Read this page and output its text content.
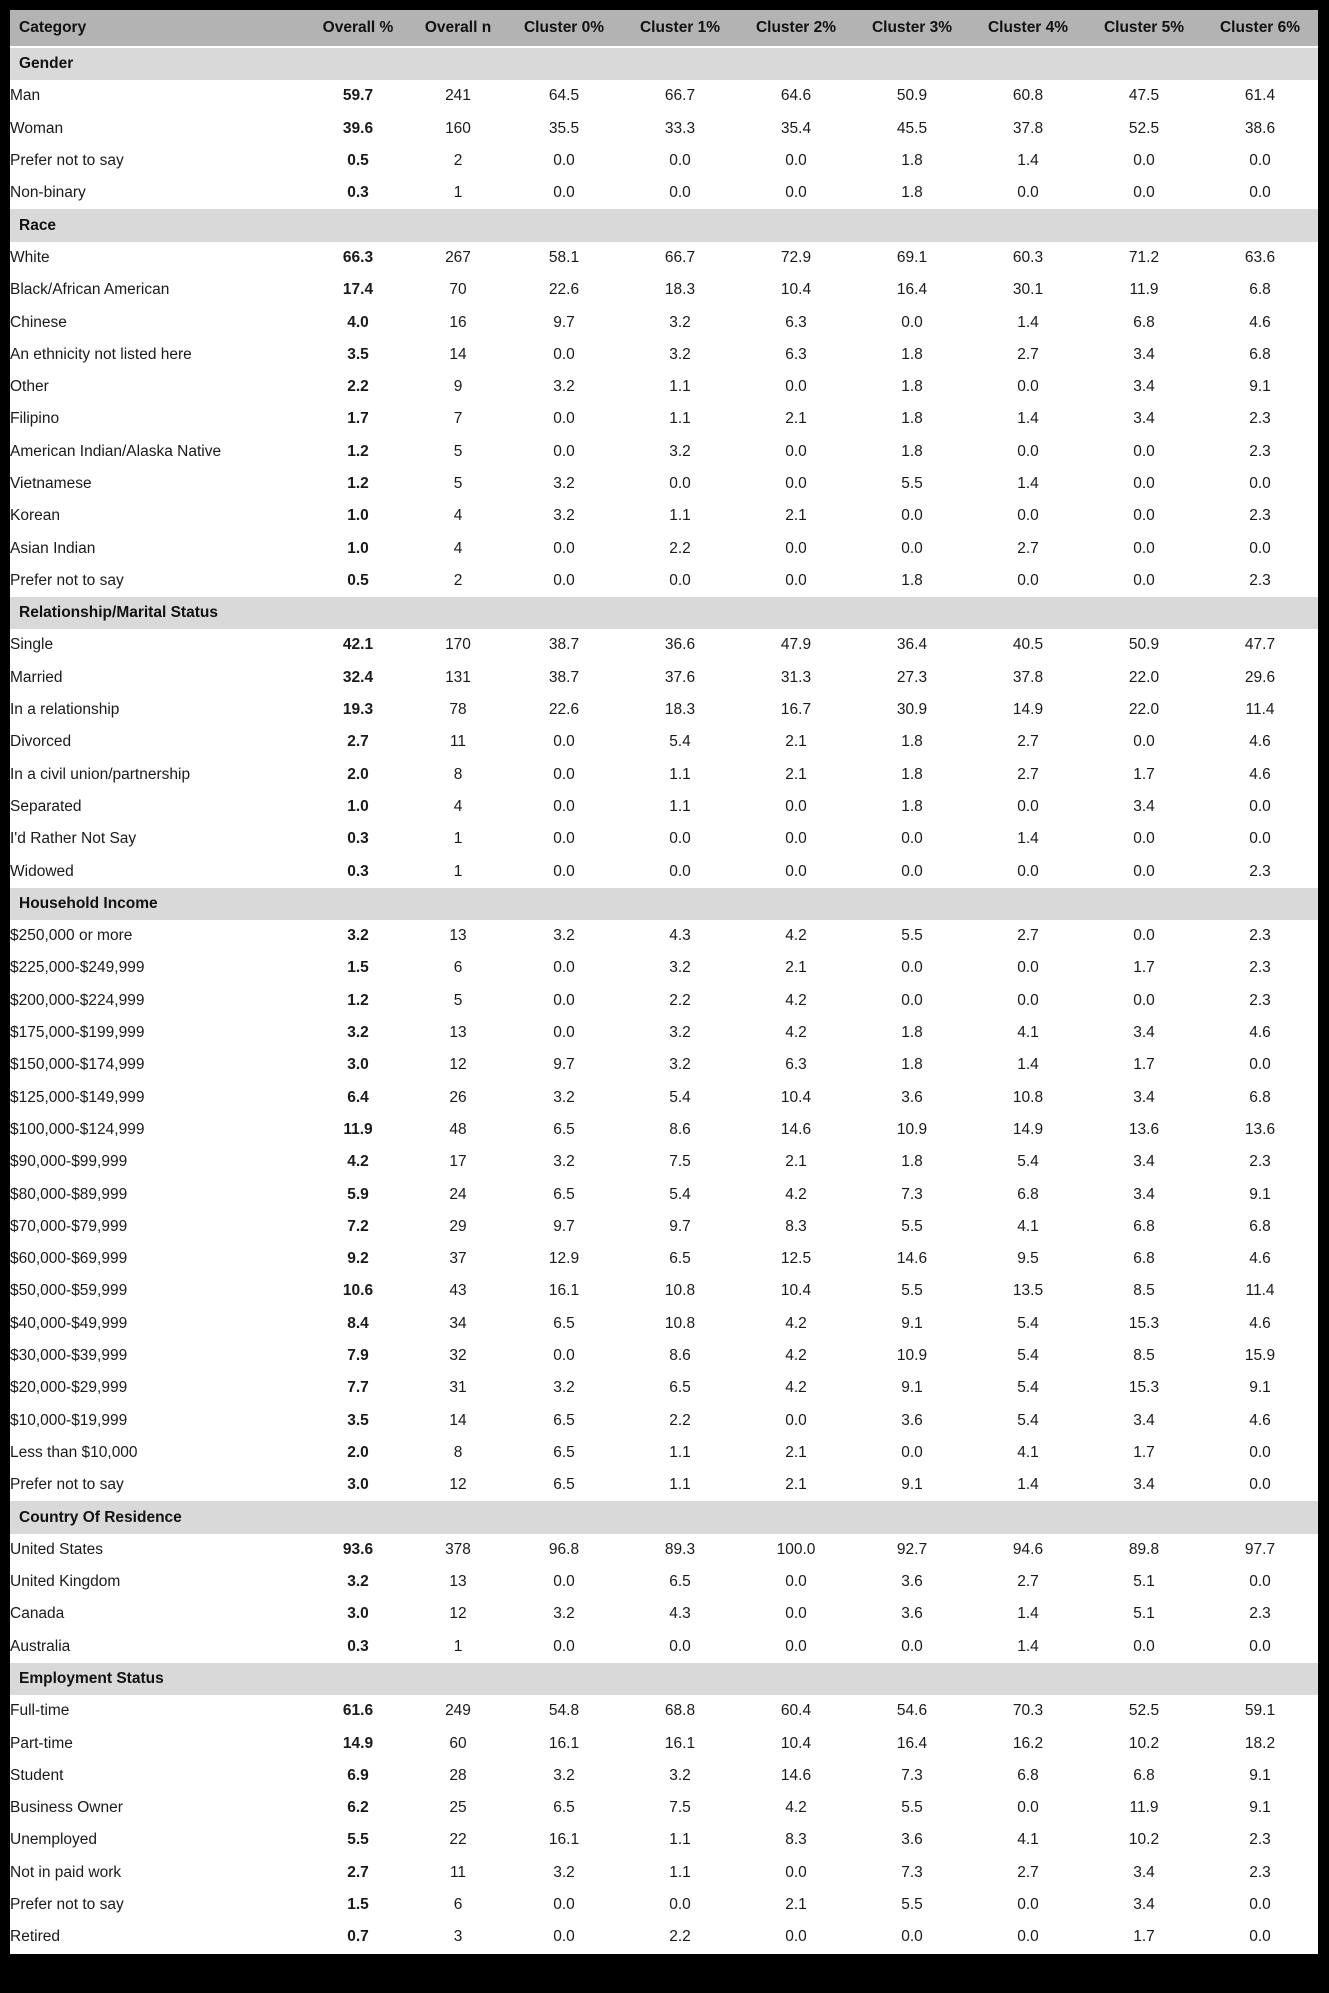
Category	Overall %	Overall n	Cluster 0%	Cluster 1%	Cluster 2%	Cluster 3%	Cluster 4%	Cluster 5%	Cluster 6%
Gender									
Man	59.7	241	64.5	66.7	64.6	50.9	60.8	47.5	61.4
Woman	39.6	160	35.5	33.3	35.4	45.5	37.8	52.5	38.6
Prefer not to say	0.5	2	0.0	0.0	0.0	1.8	1.4	0.0	0.0
Non-binary	0.3	1	0.0	0.0	0.0	1.8	0.0	0.0	0.0
Race									
White	66.3	267	58.1	66.7	72.9	69.1	60.3	71.2	63.6
Black/African American	17.4	70	22.6	18.3	10.4	16.4	30.1	11.9	6.8
Chinese	4.0	16	9.7	3.2	6.3	0.0	1.4	6.8	4.6
An ethnicity not listed here	3.5	14	0.0	3.2	6.3	1.8	2.7	3.4	6.8
Other	2.2	9	3.2	1.1	0.0	1.8	0.0	3.4	9.1
Filipino	1.7	7	0.0	1.1	2.1	1.8	1.4	3.4	2.3
American Indian/Alaska Native	1.2	5	0.0	3.2	0.0	1.8	0.0	0.0	2.3
Vietnamese	1.2	5	3.2	0.0	0.0	5.5	1.4	0.0	0.0
Korean	1.0	4	3.2	1.1	2.1	0.0	0.0	0.0	2.3
Asian Indian	1.0	4	0.0	2.2	0.0	0.0	2.7	0.0	0.0
Prefer not to say	0.5	2	0.0	0.0	0.0	1.8	0.0	0.0	2.3
Relationship/Marital Status									
Single	42.1	170	38.7	36.6	47.9	36.4	40.5	50.9	47.7
Married	32.4	131	38.7	37.6	31.3	27.3	37.8	22.0	29.6
In a relationship	19.3	78	22.6	18.3	16.7	30.9	14.9	22.0	11.4
Divorced	2.7	11	0.0	5.4	2.1	1.8	2.7	0.0	4.6
In a civil union/partnership	2.0	8	0.0	1.1	2.1	1.8	2.7	1.7	4.6
Separated	1.0	4	0.0	1.1	0.0	1.8	0.0	3.4	0.0
I'd Rather Not Say	0.3	1	0.0	0.0	0.0	0.0	1.4	0.0	0.0
Widowed	0.3	1	0.0	0.0	0.0	0.0	0.0	0.0	2.3
Household Income									
$250,000 or more	3.2	13	3.2	4.3	4.2	5.5	2.7	0.0	2.3
$225,000-$249,999	1.5	6	0.0	3.2	2.1	0.0	0.0	1.7	2.3
$200,000-$224,999	1.2	5	0.0	2.2	4.2	0.0	0.0	0.0	2.3
$175,000-$199,999	3.2	13	0.0	3.2	4.2	1.8	4.1	3.4	4.6
$150,000-$174,999	3.0	12	9.7	3.2	6.3	1.8	1.4	1.7	0.0
$125,000-$149,999	6.4	26	3.2	5.4	10.4	3.6	10.8	3.4	6.8
$100,000-$124,999	11.9	48	6.5	8.6	14.6	10.9	14.9	13.6	13.6
$90,000-$99,999	4.2	17	3.2	7.5	2.1	1.8	5.4	3.4	2.3
$80,000-$89,999	5.9	24	6.5	5.4	4.2	7.3	6.8	3.4	9.1
$70,000-$79,999	7.2	29	9.7	9.7	8.3	5.5	4.1	6.8	6.8
$60,000-$69,999	9.2	37	12.9	6.5	12.5	14.6	9.5	6.8	4.6
$50,000-$59,999	10.6	43	16.1	10.8	10.4	5.5	13.5	8.5	11.4
$40,000-$49,999	8.4	34	6.5	10.8	4.2	9.1	5.4	15.3	4.6
$30,000-$39,999	7.9	32	0.0	8.6	4.2	10.9	5.4	8.5	15.9
$20,000-$29,999	7.7	31	3.2	6.5	4.2	9.1	5.4	15.3	9.1
$10,000-$19,999	3.5	14	6.5	2.2	0.0	3.6	5.4	3.4	4.6
Less than $10,000	2.0	8	6.5	1.1	2.1	0.0	4.1	1.7	0.0
Prefer not to say	3.0	12	6.5	1.1	2.1	9.1	1.4	3.4	0.0
Country Of Residence									
United States	93.6	378	96.8	89.3	100.0	92.7	94.6	89.8	97.7
United Kingdom	3.2	13	0.0	6.5	0.0	3.6	2.7	5.1	0.0
Canada	3.0	12	3.2	4.3	0.0	3.6	1.4	5.1	2.3
Australia	0.3	1	0.0	0.0	0.0	0.0	1.4	0.0	0.0
Employment Status									
Full-time	61.6	249	54.8	68.8	60.4	54.6	70.3	52.5	59.1
Part-time	14.9	60	16.1	16.1	10.4	16.4	16.2	10.2	18.2
Student	6.9	28	3.2	3.2	14.6	7.3	6.8	6.8	9.1
Business Owner	6.2	25	6.5	7.5	4.2	5.5	0.0	11.9	9.1
Unemployed	5.5	22	16.1	1.1	8.3	3.6	4.1	10.2	2.3
Not in paid work	2.7	11	3.2	1.1	0.0	7.3	2.7	3.4	2.3
Prefer not to say	1.5	6	0.0	0.0	2.1	5.5	0.0	3.4	0.0
Retired	0.7	3	0.0	2.2	0.0	0.0	0.0	1.7	0.0
